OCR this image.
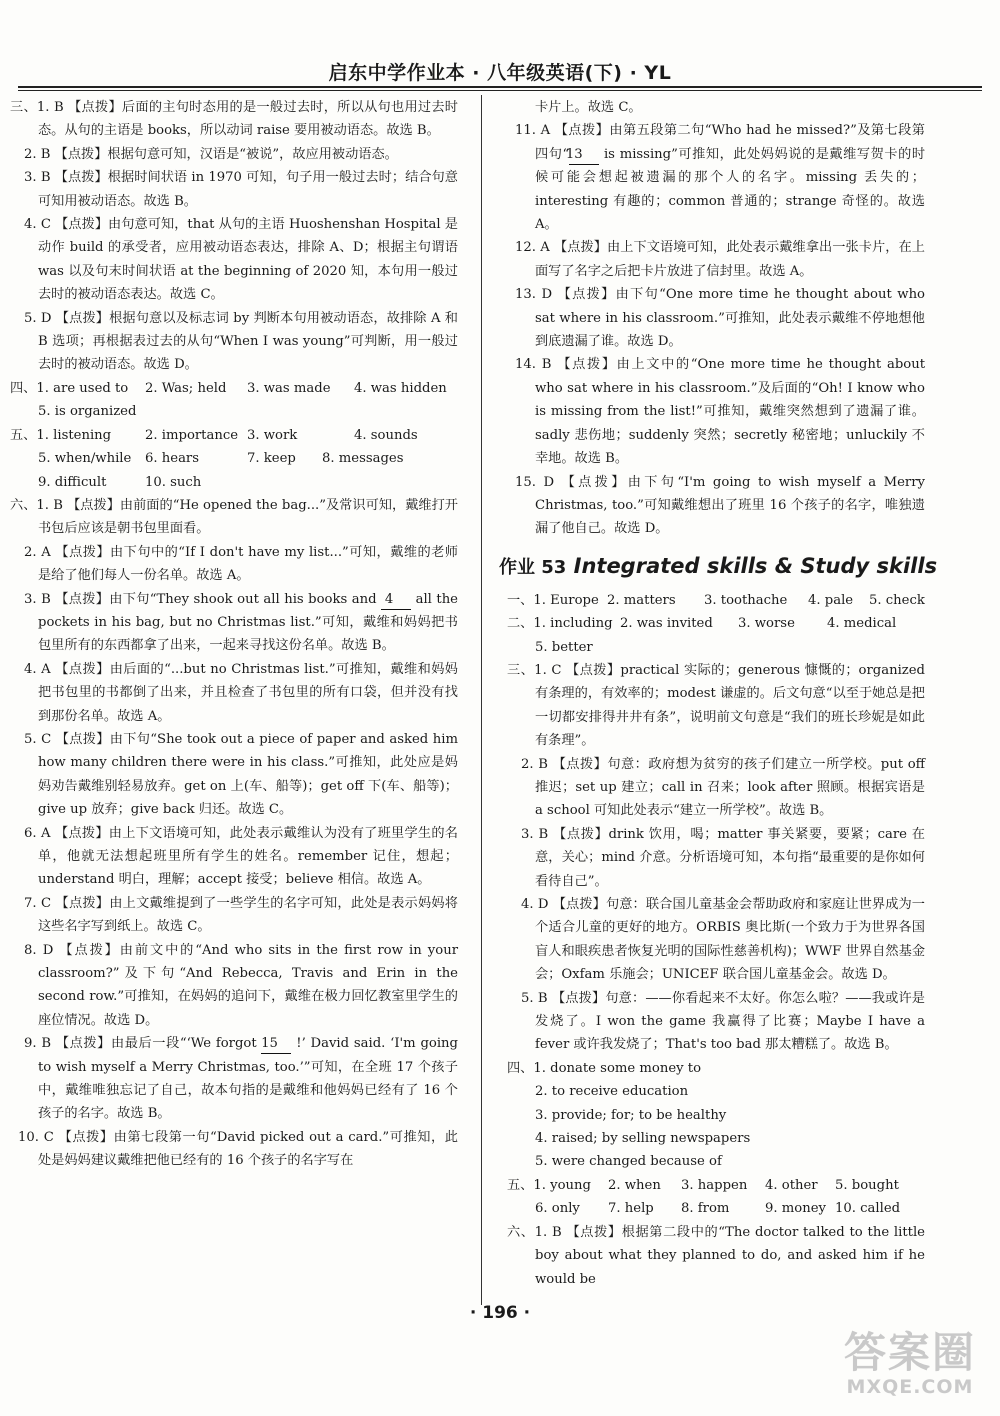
启东中学作业本 · 八年级英语(下) · YL

三、1. B 【点拨】后面的主句时态用的是一般过去时，所以从句也用过去时态。从句的主语是 books，所以动词 raise 要用被动语态。故选 B。

2. B 【点拨】根据句意可知，汉语是“被说”，故应用被动语态。

3. B 【点拨】根据时间状语 in 1970 可知，句子用一般过去时；结合句意可知用被动语态。故选 B。

4. C 【点拨】由句意可知，that 从句的主语 Huoshenshan Hospital 是动作 build 的承受者，应用被动语态表达，排除 A、D；根据主句谓语 was 以及句末时间状语 at the beginning of 2020 知，本句用一般过去时的被动语态表达。故选 C。

5. D 【点拨】根据句意以及标志词 by 判断本句用被动语态，故排除 A 和 B 选项；再根据表过去的从句“When I was young”可判断，用一般过去时的被动语态。故选 D。

四、1. are used to	2. Was; held	3. was made	4. was hidden
5. is organized
五、1. listening	2. importance 3. work	4. sounds
5. when/while	6. hears	7. keep	8. messages
9. difficult	10. such

六、1. B 【点拨】由前面的“He opened the bag...”及常识可知，戴维打开书包后应该是朝书包里面看。

2. A 【点拨】由下句中的“If I don't have my list...”可知，戴维的老师是给了他们每人一份名单。故选 A。

3. B 【点拨】由下句“They shook out all his books and 4 all the pockets in his bag, but no Christmas list.”可知，戴维和妈妈把书包里所有的东西都拿了出来，一起来寻找这份名单。故选 B。

4. A 【点拨】由后面的“...but no Christmas list.”可推知，戴维和妈妈把书包里的书都倒了出来，并且检查了书包里的所有口袋，但并没有找到那份名单。故选 A。

5. C 【点拨】由下句“She took out a piece of paper and asked him how many children there were in his class.”可推知，此处应是妈妈劝告戴维别轻易放弃。get on 上(车、船等)；get off 下(车、船等)；give up 放弃；give back 归还。故选 C。

6. A 【点拨】由上下文语境可知，此处表示戴维认为没有了班里学生的名单，他就无法想起班里所有学生的姓名。remember 记住，想起；understand 明白，理解；accept 接受；believe 相信。故选 A。

7. C 【点拨】由上文戴维提到了一些学生的名字可知，此处是表示妈妈将这些名字写到纸上。故选 C。

8. D 【点拨】由前文中的“And who sits in the first row in your classroom?”及下句“And Rebecca, Travis and Erin in the second row.”可推知，在妈妈的追问下，戴维在极力回忆教室里学生的座位情况。故选 D。

9. B 【点拨】由最后一段“‘We forgot 15 !’ David said. ‘I'm going to wish myself a Merry Christmas, too.’”可知，在全班 17 个孩子中，戴维唯独忘记了自己，故本句指的是戴维和他妈妈已经有了 16 个孩子的名字。故选 B。

10. C 【点拨】由第七段第一句“David picked out a card.”可推知，此处是妈妈建议戴维把他已经有的 16 个孩子的名字写在

卡片上。故选 C。

11. A 【点拨】由第五段第二句“Who had he missed?”及第七段第四句“13 is missing”可推知，此处妈妈说的是戴维写贺卡的时候可能会想起被遗漏的那个人的名字。missing 丢失的；interesting 有趣的；common 普通的；strange 奇怪的。故选 A。

12. A 【点拨】由上下文语境可知，此处表示戴维拿出一张卡片，在上面写了名字之后把卡片放进了信封里。故选 A。

13. D 【点拨】由下句“One more time he thought about who sat where in his classroom.”可推知，此处表示戴维不停地想他到底遗漏了谁。故选 D。

14. B 【点拨】由上文中的“One more time he thought about who sat where in his classroom.”及后面的“Oh! I know who is missing from the list!”可推知，戴维突然想到了遗漏了谁。sadly 悲伤地；suddenly 突然；secretly 秘密地；unluckily 不幸地。故选 B。

15. D 【点拨】由下句“I'm going to wish myself a Merry Christmas, too.”可知戴维想出了班里 16 个孩子的名字，唯独遗漏了他自己。故选 D。

作业 53 Integrated skills & Study skills
一、1. Europe 2. matters	3. toothache	4. pale	5. check
二、1. including 2. was invited	3. worse	4. medical
5. better

三、1. C 【点拨】practical 实际的；generous 慷慨的；organized 有条理的，有效率的；modest 谦虚的。后文句意“以至于她总是把一切都安排得井井有条”，说明前文句意是“我们的班长珍妮是如此有条理”。

2. B 【点拨】句意：政府想为贫穷的孩子们建立一所学校。put off 推迟；set up 建立；call in 召来；look after 照顾。根据宾语是 a school 可知此处表示“建立一所学校”。故选 B。

3. B 【点拨】drink 饮用，喝；matter 事关紧要，要紧；care 在意，关心；mind 介意。分析语境可知，本句指“最重要的是你如何看待自己”。

4. D 【点拨】句意：联合国儿童基金会帮助政府和家庭让世界成为一个适合儿童的更好的地方。ORBIS 奥比斯(一个致力于为世界各国盲人和眼疾患者恢复光明的国际性慈善机构)；WWF 世界自然基金会；Oxfam 乐施会；UNICEF 联合国儿童基金会。故选 D。

5. B 【点拨】句意：——你看起来不太好。你怎么啦？——我或许是发烧了。I won the game 我赢得了比赛；Maybe I have a fever 或许我发烧了；That's too bad 那太糟糕了。故选 B。

四、1. donate some money to
2. to receive education
3. provide; for; to be healthy
4. raised; by selling newspapers
5. were changed because of
五、1. young	2. when	3. happen	4. other	5. bought
6. only	7. help	8. from	9. money 10. called

六、1. B 【点拨】根据第二段中的“The doctor talked to the little boy about what they planned to do, and asked him if he would be

· 196 ·
答案圈
MXQE.COM
